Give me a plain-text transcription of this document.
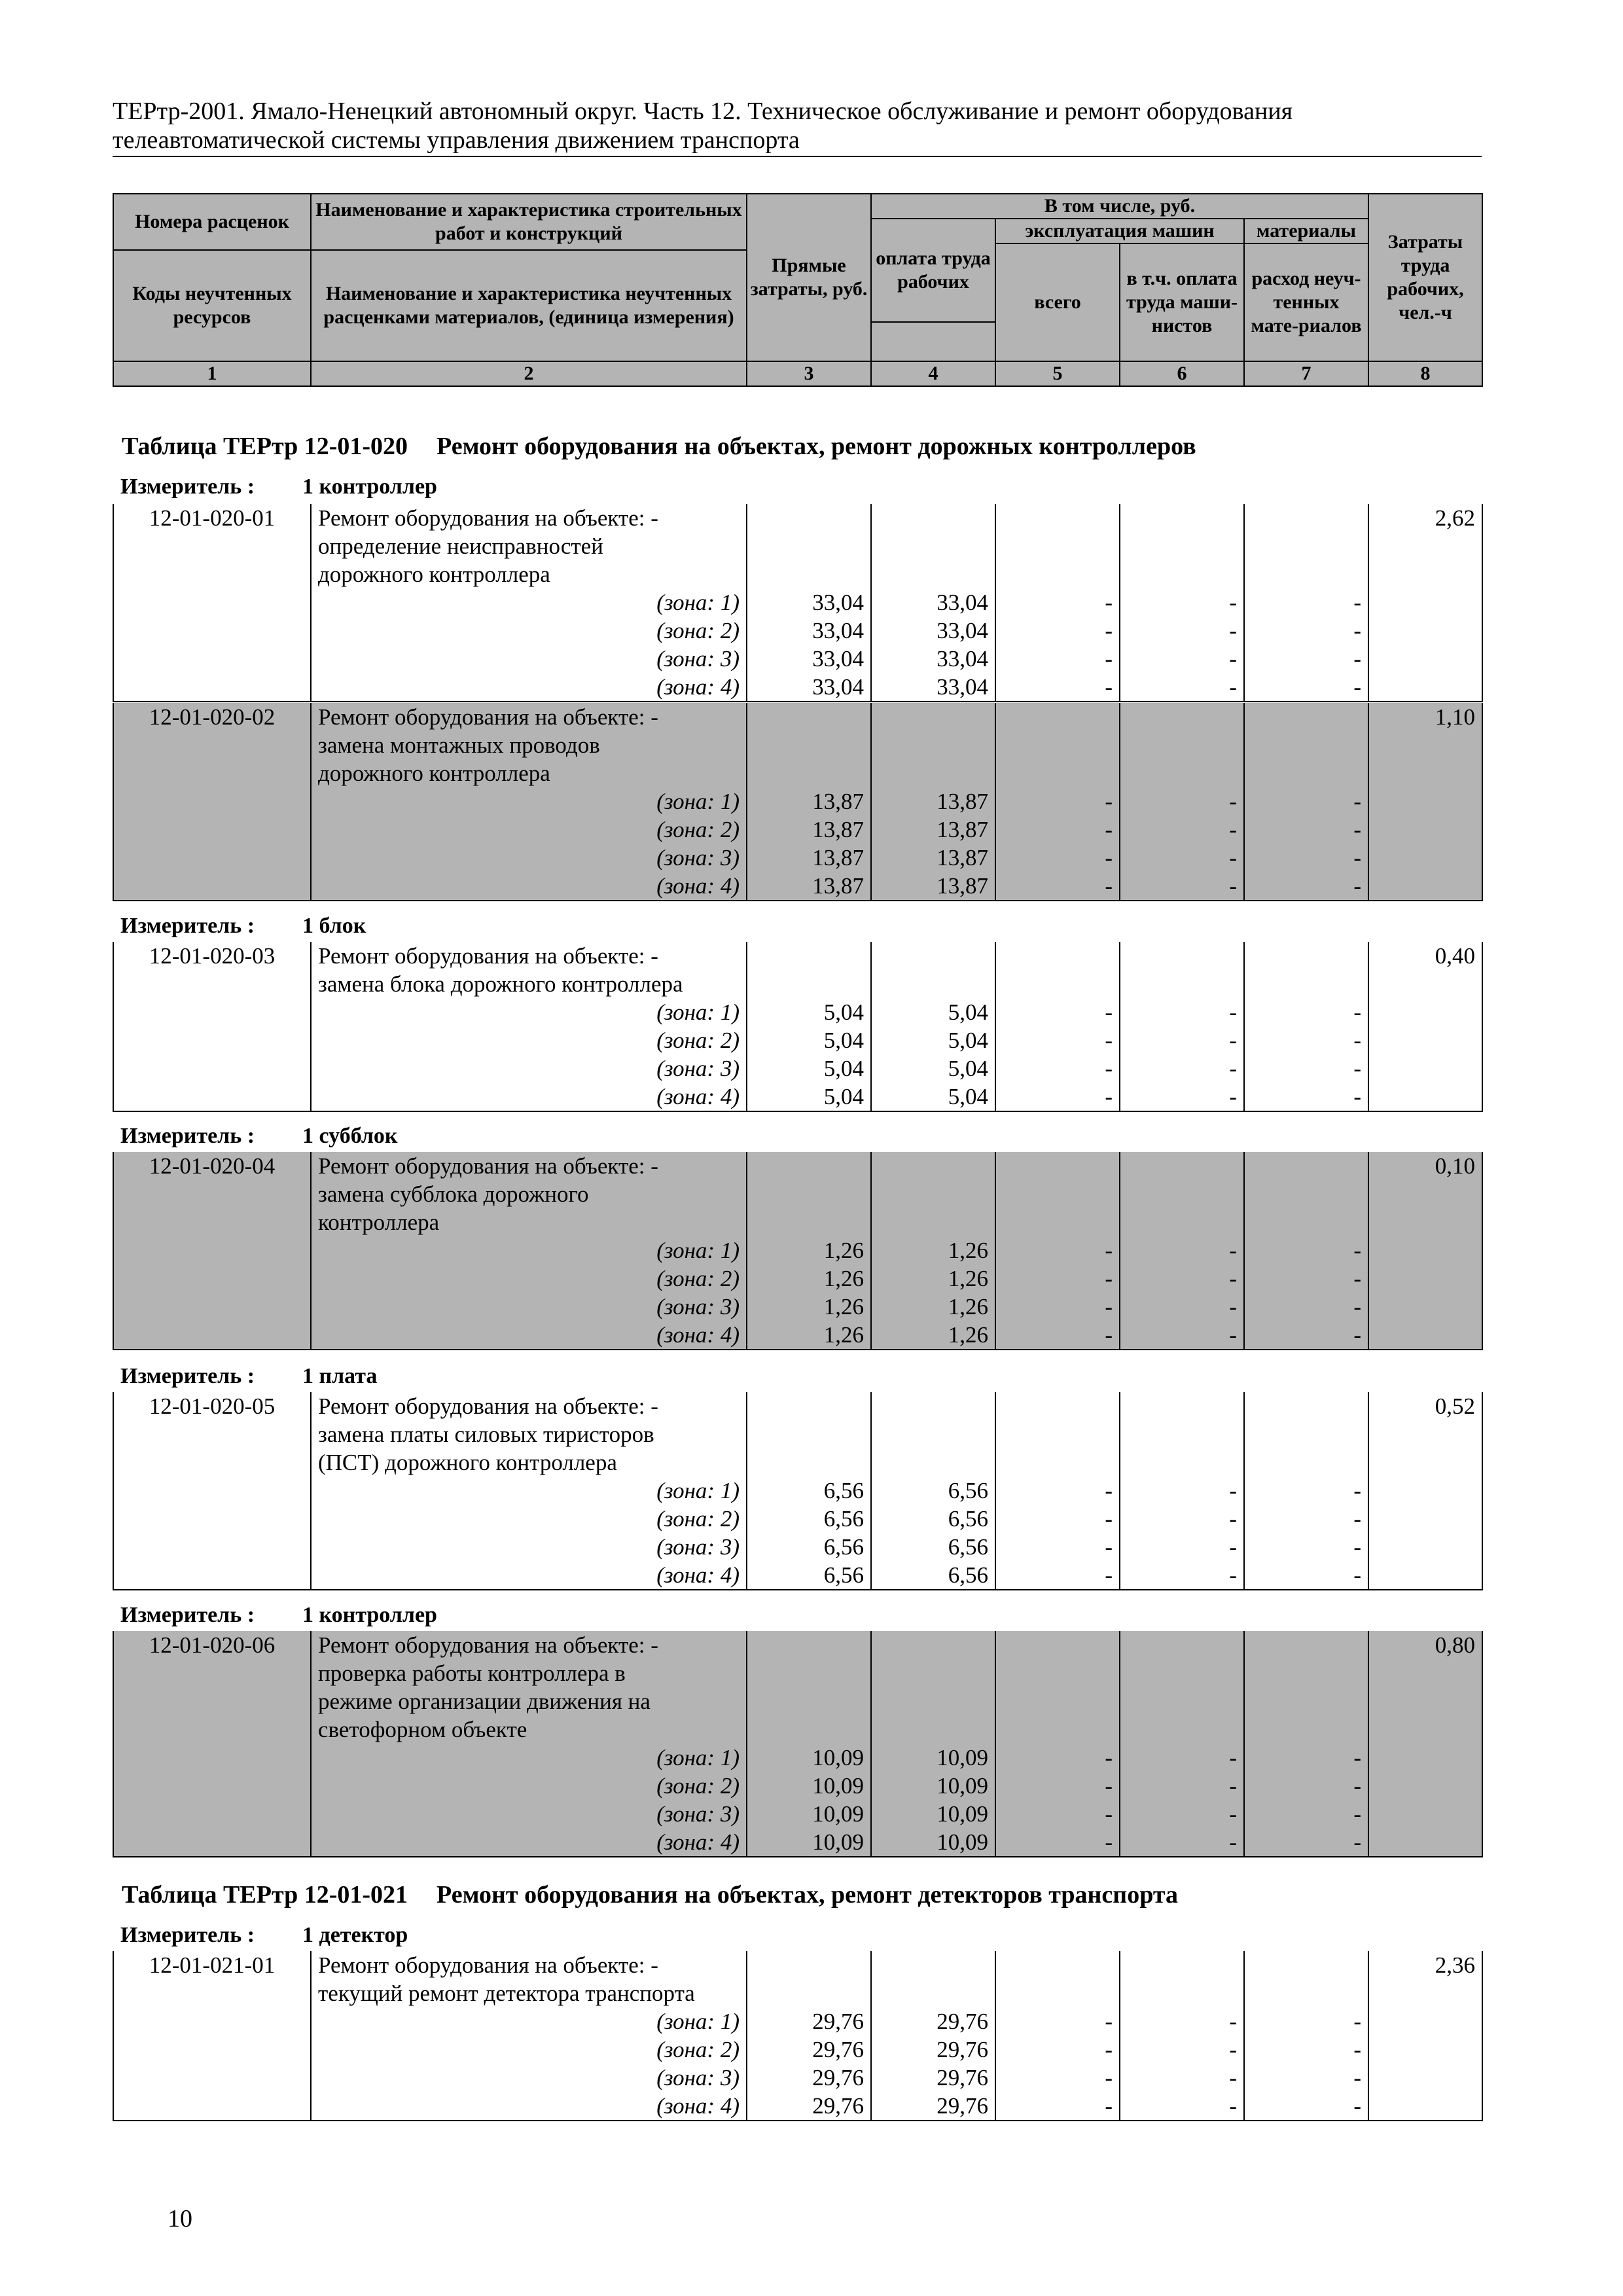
ТЕРтр-2001. Ямало-Ненецкий автономный округ. Часть 12. Техническое обслуживание и ремонт оборудования
телеавтоматической системы управления движением транспорта
Номера расценок	Наименование и характеристика строительных работ и конструкций	Прямые затраты, руб.	В том числе, руб.				Затраты труда рабочих, чел.-ч
			оплата труда рабочих	эксплуатация машин		материалы	
				всего	в т.ч. оплата труда маши-нистов	расход неуч-тенных мате-риалов	
Коды неучтенных ресурсов	Наименование и характеристика неучтенных расценками материалов, (единица измерения)						

1	2	3	4	5	6	7	8
Таблица ТЕРтр 12-01-020 Ремонт оборудования на объектах, ремонт дорожных контроллеров
Измеритель : 1 контроллер
12-01-020-01	Ремонт оборудования на объекте: -						2,62
	определение неисправностей						
	дорожного контроллера						
	(зона: 1)	33,04	33,04	-	-	-	
	(зона: 2)	33,04	33,04	-	-	-	
	(зона: 3)	33,04	33,04	-	-	-	
	(зона: 4)	33,04	33,04	-	-	-	
12-01-020-02	Ремонт оборудования на объекте: -						1,10
	замена монтажных проводов						
	дорожного контроллера						
	(зона: 1)	13,87	13,87	-	-	-	
	(зона: 2)	13,87	13,87	-	-	-	
	(зона: 3)	13,87	13,87	-	-	-	
	(зона: 4)	13,87	13,87	-	-	-	
Измеритель : 1 блок
12-01-020-03	Ремонт оборудования на объекте: -						0,40
	замена блока дорожного контроллера						
	(зона: 1)	5,04	5,04	-	-	-	
	(зона: 2)	5,04	5,04	-	-	-	
	(зона: 3)	5,04	5,04	-	-	-	
	(зона: 4)	5,04	5,04	-	-	-	
Измеритель : 1 субблок
12-01-020-04	Ремонт оборудования на объекте: -						0,10
	замена субблока дорожного						
	контроллера						
	(зона: 1)	1,26	1,26	-	-	-	
	(зона: 2)	1,26	1,26	-	-	-	
	(зона: 3)	1,26	1,26	-	-	-	
	(зона: 4)	1,26	1,26	-	-	-	
Измеритель : 1 плата
12-01-020-05	Ремонт оборудования на объекте: -						0,52
	замена платы силовых тиристоров						
	(ПСТ) дорожного контроллера						
	(зона: 1)	6,56	6,56	-	-	-	
	(зона: 2)	6,56	6,56	-	-	-	
	(зона: 3)	6,56	6,56	-	-	-	
	(зона: 4)	6,56	6,56	-	-	-	
Измеритель : 1 контроллер
12-01-020-06	Ремонт оборудования на объекте: -						0,80
	проверка работы контроллера в						
	режиме организации движения на						
	светофорном объекте						
	(зона: 1)	10,09	10,09	-	-	-	
	(зона: 2)	10,09	10,09	-	-	-	
	(зона: 3)	10,09	10,09	-	-	-	
	(зона: 4)	10,09	10,09	-	-	-	
Таблица ТЕРтр 12-01-021 Ремонт оборудования на объектах, ремонт детекторов транспорта
Измеритель : 1 детектор
12-01-021-01	Ремонт оборудования на объекте: -						2,36
	текущий ремонт детектора транспорта						
	(зона: 1)	29,76	29,76	-	-	-	
	(зона: 2)	29,76	29,76	-	-	-	
	(зона: 3)	29,76	29,76	-	-	-	
	(зона: 4)	29,76	29,76	-	-	-	
10
